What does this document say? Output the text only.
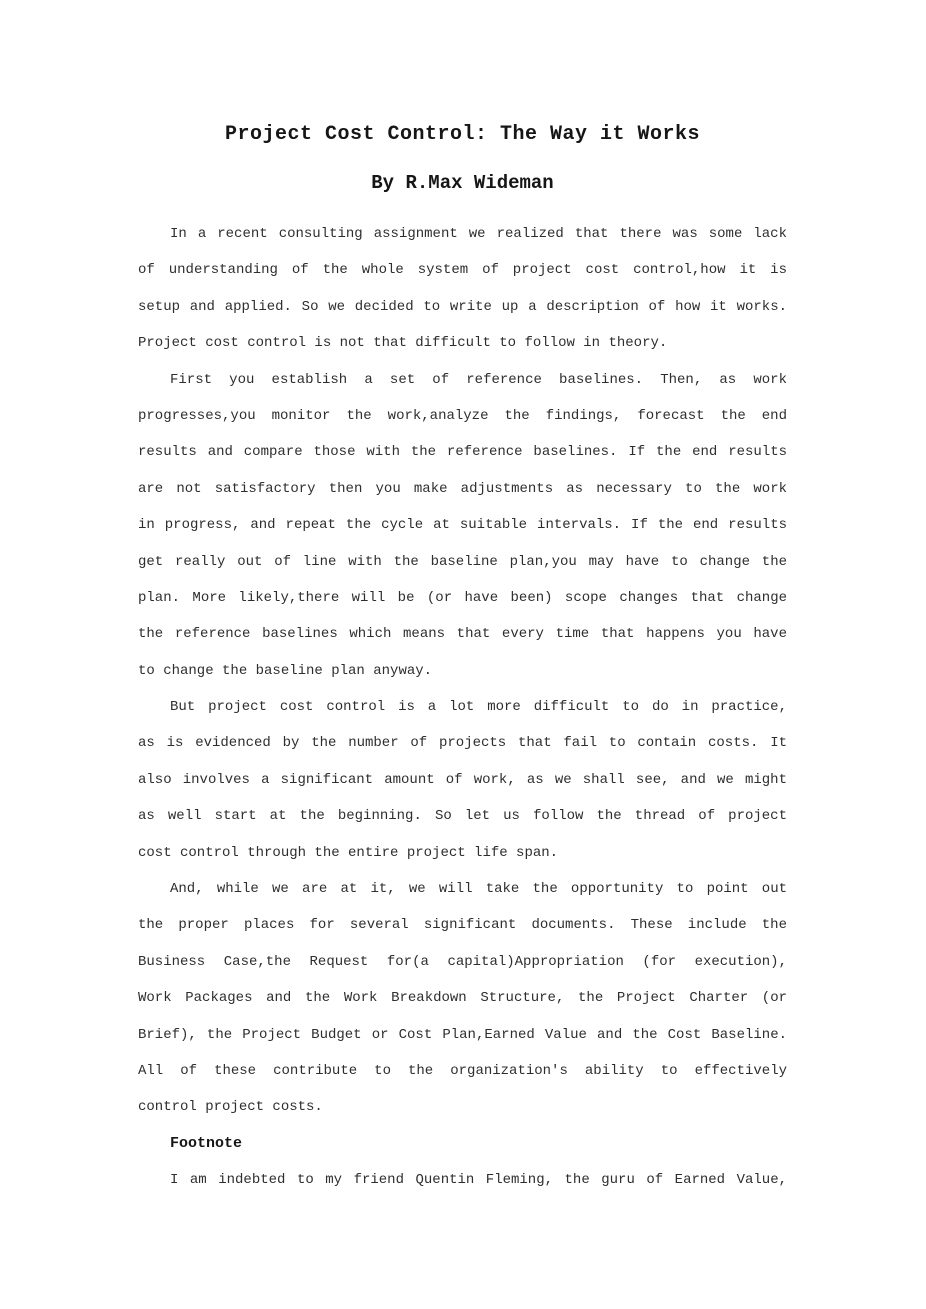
Project Cost Control: The Way it Works
By R.Max Wideman
In a recent consulting assignment we realized that there was some lack
of understanding of the whole system of project cost control,how it is
setup and applied. So we decided to write up a description of how it works.
Project cost control is not that difficult to follow in theory.
First you establish a set of reference baselines. Then, as work
progresses,you monitor the work,analyze the findings, forecast the end
results and compare those with the reference baselines. If the end results
are not satisfactory then you make adjustments as necessary to the work
in progress, and repeat the cycle at suitable intervals. If the end results
get really out of line with the baseline plan,you may have to change the
plan. More likely,there will be (or have been) scope changes that change
the reference baselines which means that every time that happens you have
to change the baseline plan anyway.
But project cost control is a lot more difficult to do in practice,
as is evidenced by the number of projects that fail to contain costs. It
also involves a significant amount of work, as we shall see, and we might
as well start at the beginning. So let us follow the thread of project
cost control through the entire project life span.
And, while we are at it, we will take the opportunity to point out
the proper places for several significant documents. These include the
Business Case,the Request for(a capital)Appropriation (for execution),
Work Packages and the Work Breakdown Structure, the Project Charter (or
Brief), the Project Budget or Cost Plan,Earned Value and the Cost Baseline.
All of these contribute to the organization's ability to effectively
control project costs.
Footnote
I am indebted to my friend Quentin Fleming, the guru of Earned Value,
